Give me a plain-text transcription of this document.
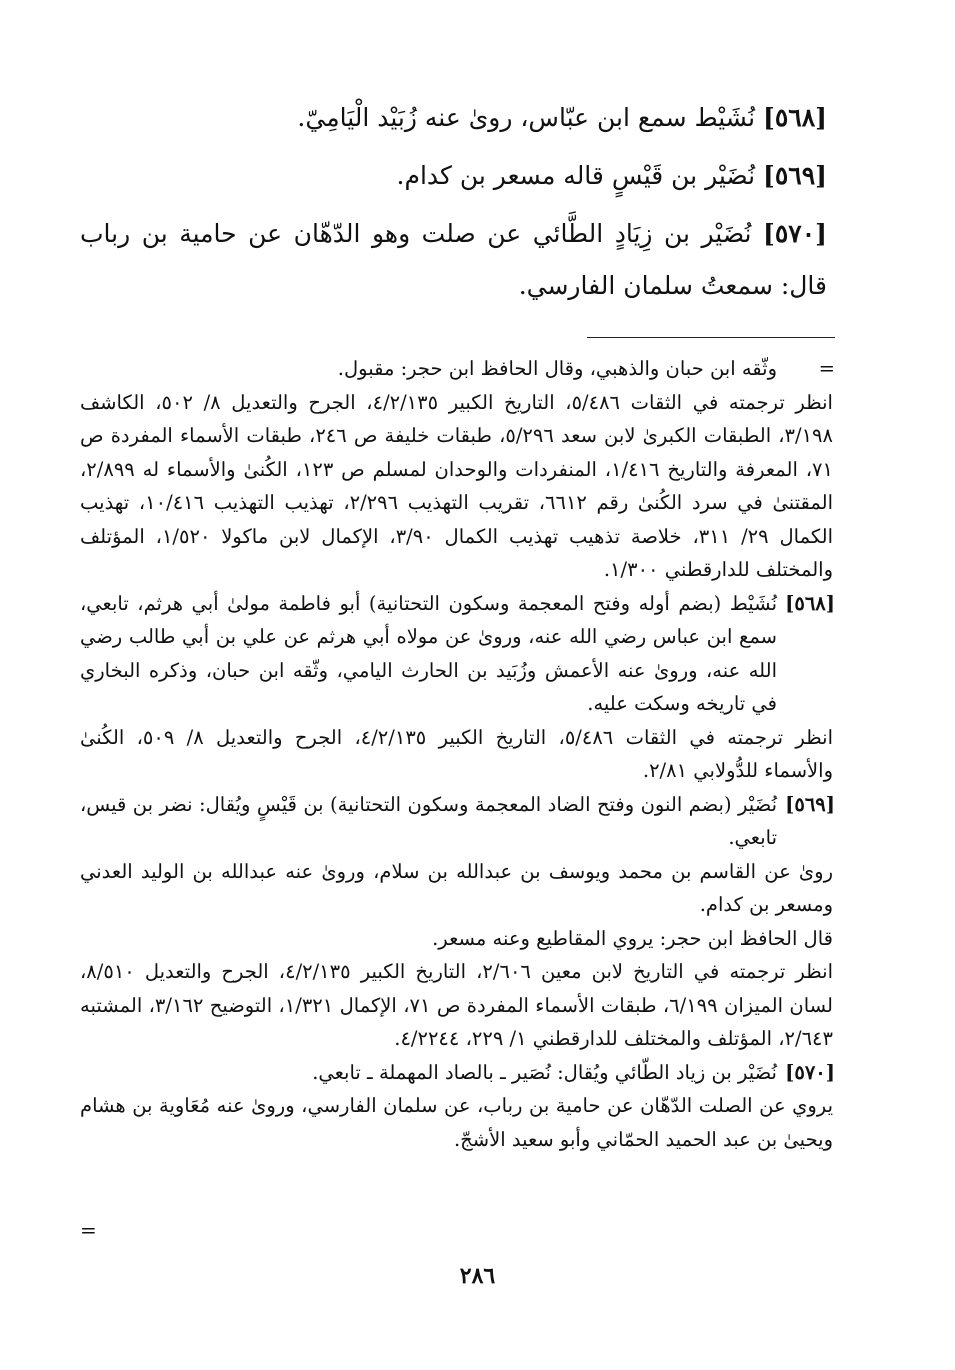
[٥٦٨] نُشَيْط سمع ابن عبّاس، روىٰ عنه زُبَيْد الْيَامِيّ.

[٥٦٩] نُضَيْر بن قَيْسٍ قاله مسعر بن كدام.

[٥٧٠] نُضَيْر بن زِيَادٍ الطَّائي عن صلت وهو الدّهّان عن حامية بن رباب قال: سمعتُ سلمان الفارسي.

=
وثّقه ابن حبان والذهبي، وقال الحافظ ابن حجر: مقبول.
انظر ترجمته في الثقات ٥/٤٨٦، التاريخ الكبير ٤/٢/١٣٥، الجرح والتعديل ٨/ ٥٠٢، الكاشف ٣/١٩٨، الطبقات الكبرىٰ لابن سعد ٥/٢٩٦، طبقات خليفة ص ٢٤٦، طبقات الأسماء المفردة ص ٧١، المعرفة والتاريخ ١/٤١٦، المنفردات والوحدان لمسلم ص ١٢٣، الكُنىٰ والأسماء له ٢/٨٩٩، المقتنىٰ في سرد الكُنىٰ رقم ٦٦١٢، تقريب التهذيب ٢/٢٩٦، تهذيب التهذيب ١٠/٤١٦، تهذيب الكمال ٢٩/ ٣١١، خلاصة تذهيب تهذيب الكمال ٣/٩٠، الإكمال لابن ماكولا ١/٥٢٠، المؤتلف والمختلف للدارقطني ١/٣٠٠.
[٥٦٨]
نُشَيْط (بضم أوله وفتح المعجمة وسكون التحتانية) أبو فاطمة مولىٰ أبي هرثم، تابعي، سمع ابن عباس رضي الله عنه، وروىٰ عن مولاه أبي هرثم عن علي بن أبي طالب رضي الله عنه، وروىٰ عنه الأعمش وزُبَيد بن الحارث اليامي، وثّقه ابن حبان، وذكره البخاري في تاريخه وسكت عليه.
انظر ترجمته في الثقات ٥/٤٨٦، التاريخ الكبير ٤/٢/١٣٥، الجرح والتعديل ٨/ ٥٠٩، الكُنىٰ والأسماء للدُّولابي ٢/٨١.
[٥٦٩]
نُضَيْر (بضم النون وفتح الضاد المعجمة وسكون التحتانية) بن قَيْسٍ ويُقال: نضر بن قيس، تابعي.
روىٰ عن القاسم بن محمد ويوسف بن عبدالله بن سلام، وروىٰ عنه عبدالله بن الوليد العدني ومسعر بن كدام.
قال الحافظ ابن حجر: يروي المقاطيع وعنه مسعر.
انظر ترجمته في التاريخ لابن معين ٢/٦٠٦، التاريخ الكبير ٤/٢/١٣٥، الجرح والتعديل ٨/٥١٠، لسان الميزان ٦/١٩٩، طبقات الأسماء المفردة ص ٧١، الإكمال ١/٣٢١، التوضيح ٣/١٦٢، المشتبه ٢/٦٤٣، المؤتلف والمختلف للدارقطني ١/ ٢٢٩، ٤/٢٢٤٤.
[٥٧٠]
نُضَيْر بن زياد الطّائي ويُقال: نُصَير ـ بالصاد المهملة ـ تابعي.
يروي عن الصلت الدّهّان عن حامية بن رباب، عن سلمان الفارسي، وروىٰ عنه مُعَاوية بن هشام ويحيىٰ بن عبد الحميد الحمّاني وأبو سعيد الأشجّ.
=
٢٨٦
